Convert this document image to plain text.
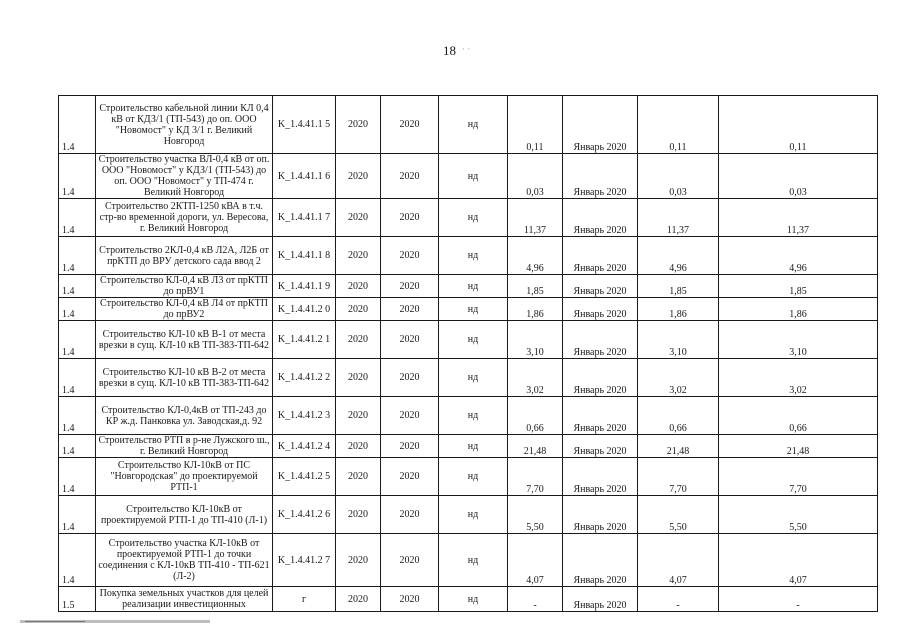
18 · ·
1.4	Строительство кабельной линии КЛ 0,4 кВ от КДЗ/1 (ТП-543) до оп. ООО "Новомост" у КД 3/1 г. Великий Новгород	K_1.4.41.1 5	2020	2020	нд	0,11	Январь 2020	0,11	0,11
1.4	Строительство участка ВЛ-0,4 кВ от оп. ООО "Новомост" у КДЗ/1 (ТП-543) до оп. ООО "Новомост" у ТП-474 г. Великий Новгород	K_1.4.41.1 6	2020	2020	нд	0,03	Январь 2020	0,03	0,03
1.4	Строительство 2КТП-1250 кВА в т.ч. стр-во временной дороги, ул. Вересова, г. Великий Новгород	K_1.4.41.1 7	2020	2020	нд	11,37	Январь 2020	11,37	11,37
1.4	Строительство 2КЛ-0,4 кВ Л2А, Л2Б от прКТП до ВРУ детского сада ввод 2	K_1.4.41.1 8	2020	2020	нд	4,96	Январь 2020	4,96	4,96
1.4	Строительство КЛ-0,4 кВ Л3 от прКТП до прВУ1	K_1.4.41.1 9	2020	2020	нд	1,85	Январь 2020	1,85	1,85
1.4	Строительство КЛ-0,4 кВ Л4 от прКТП до прВУ2	K_1.4.41.2 0	2020	2020	нд	1,86	Январь 2020	1,86	1,86
1.4	Строительство КЛ-10 кВ В-1 от места врезки в сущ. КЛ-10 кВ ТП-383-ТП-642	K_1.4.41.2 1	2020	2020	нд	3,10	Январь 2020	3,10	3,10
1.4	Строительство КЛ-10 кВ В-2 от места врезки в сущ. КЛ-10 кВ ТП-383-ТП-642	K_1.4.41.2 2	2020	2020	нд	3,02	Январь 2020	3,02	3,02
1.4	Строительство КЛ-0,4кВ от ТП-243 до КР ж.д. Панковка ул. Заводская,д. 92	K_1.4.41.2 3	2020	2020	нд	0,66	Январь 2020	0,66	0,66
1.4	Строительство РТП в р-не Лужского ш., г. Великий Новгород	K_1.4.41.2 4	2020	2020	нд	21,48	Январь 2020	21,48	21,48
1.4	Строительство КЛ-10кВ от ПС "Новгородская" до проектируемой РТП-1	K_1.4.41.2 5	2020	2020	нд	7,70	Январь 2020	7,70	7,70
1.4	Строительство КЛ-10кВ от проектируемой РТП-1 до ТП-410 (Л-1)	K_1.4.41.2 6	2020	2020	нд	5,50	Январь 2020	5,50	5,50
1.4	Строительство участка КЛ-10кВ от проектируемой РТП-1 до точки соединения с КЛ-10кВ ТП-410 - ТП-621 (Л-2)	K_1.4.41.2 7	2020	2020	нд	4,07	Январь 2020	4,07	4,07
1.5	Покупка земельных участков для целей реализации инвестиционных	г	2020	2020	нд	-	Январь 2020	-	-
